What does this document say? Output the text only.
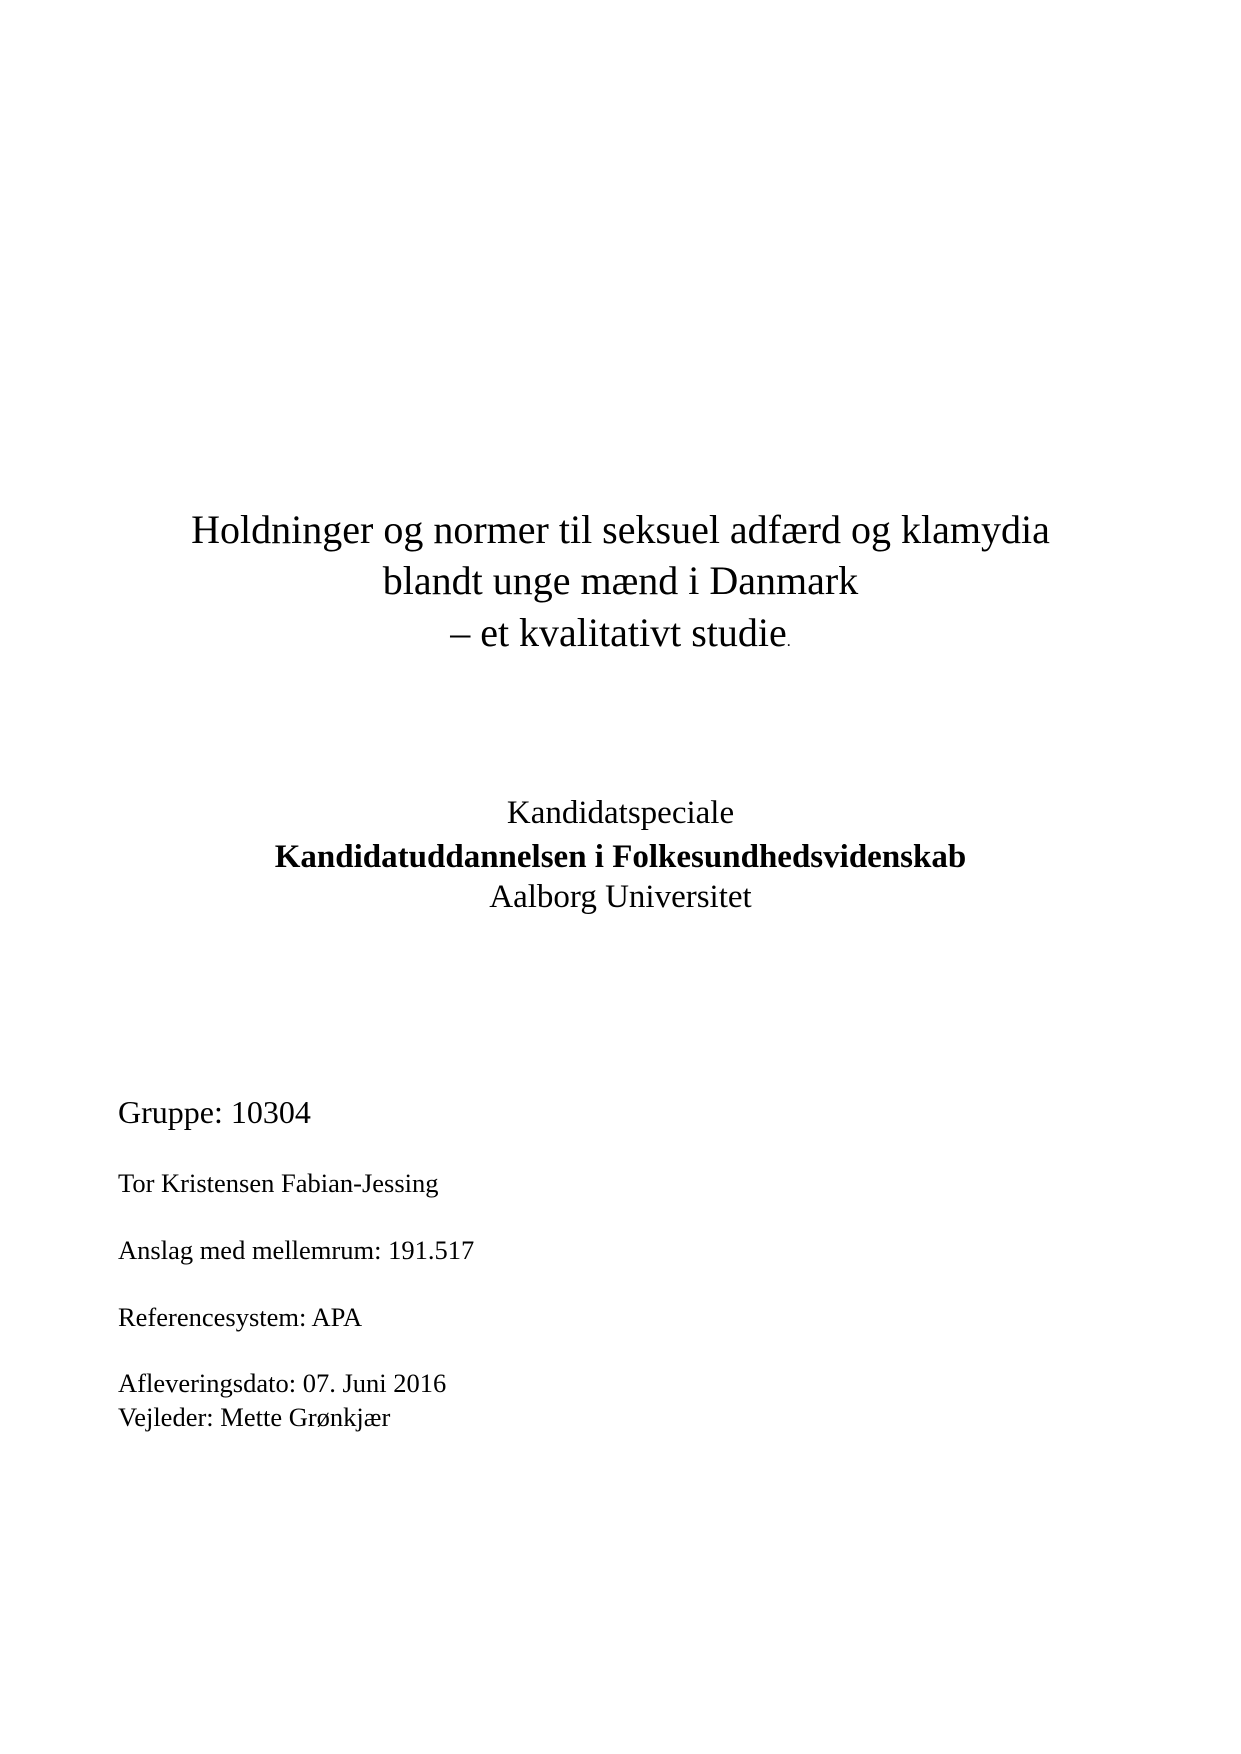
Holdninger og normer til seksuel adfærd og klamydia
blandt unge mænd i Danmark
– et kvalitativt studie.
Kandidatspeciale
Kandidatuddannelsen i Folkesundhedsvidenskab
Aalborg Universitet
Gruppe: 10304
Tor Kristensen Fabian-Jessing
Anslag med mellemrum: 191.517
Referencesystem: APA
Afleveringsdato: 07. Juni 2016
Vejleder: Mette Grønkjær
